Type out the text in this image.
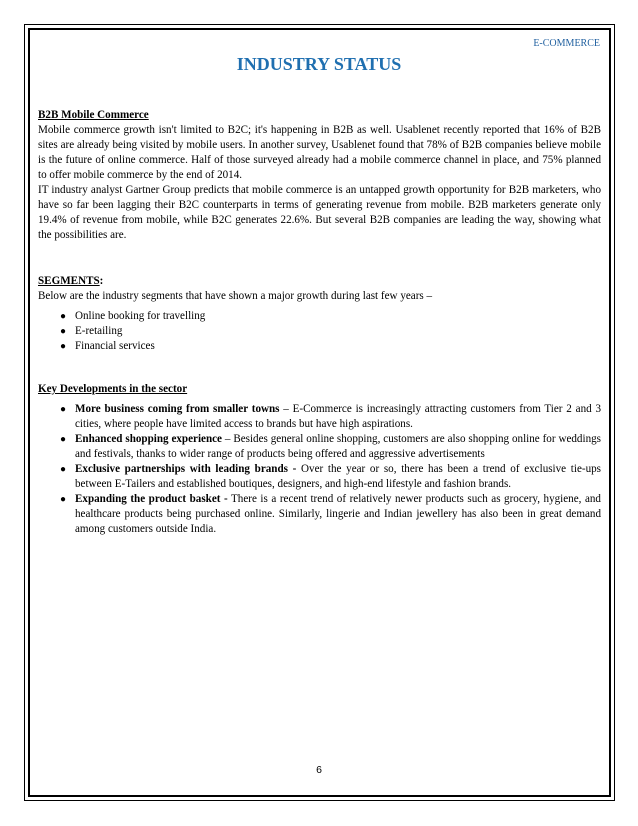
E-COMMERCE
INDUSTRY STATUS

B2B Mobile Commerce

Mobile commerce growth isn't limited to B2C; it's happening in B2B as well. Usablenet recently reported that 16% of B2B sites are already being visited by mobile users. In another survey, Usablenet found that 78% of B2B companies believe mobile is the future of online commerce. Half of those surveyed already had a mobile commerce channel in place, and 75% planned to offer mobile commerce by the end of 2014.

IT industry analyst Gartner Group predicts that mobile commerce is an untapped growth opportunity for B2B marketers, who have so far been lagging their B2C counterparts in terms of generating revenue from mobile. B2B marketers generate only 19.4% of revenue from mobile, while B2C generates 22.6%. But several B2B companies are leading the way, showing what the possibilities are.

SEGMENTS:

Below are the industry segments that have shown a major growth during last few years –

● Online booking for travelling
● E-retailing
● Financial services

Key Developments in the sector

● More business coming from smaller towns – E-Commerce is increasingly attracting customers from Tier 2 and 3 cities, where people have limited access to brands but have high aspirations.
● Enhanced shopping experience – Besides general online shopping, customers are also shopping online for weddings and festivals, thanks to wider range of products being offered and aggressive advertisements
● Exclusive partnerships with leading brands - Over the year or so, there has been a trend of exclusive tie-ups between E-Tailers and established boutiques, designers, and high-end lifestyle and fashion brands.
● Expanding the product basket - There is a recent trend of relatively newer products such as grocery, hygiene, and healthcare products being purchased online. Similarly, lingerie and Indian jewellery has also been in great demand among customers outside India.
6
